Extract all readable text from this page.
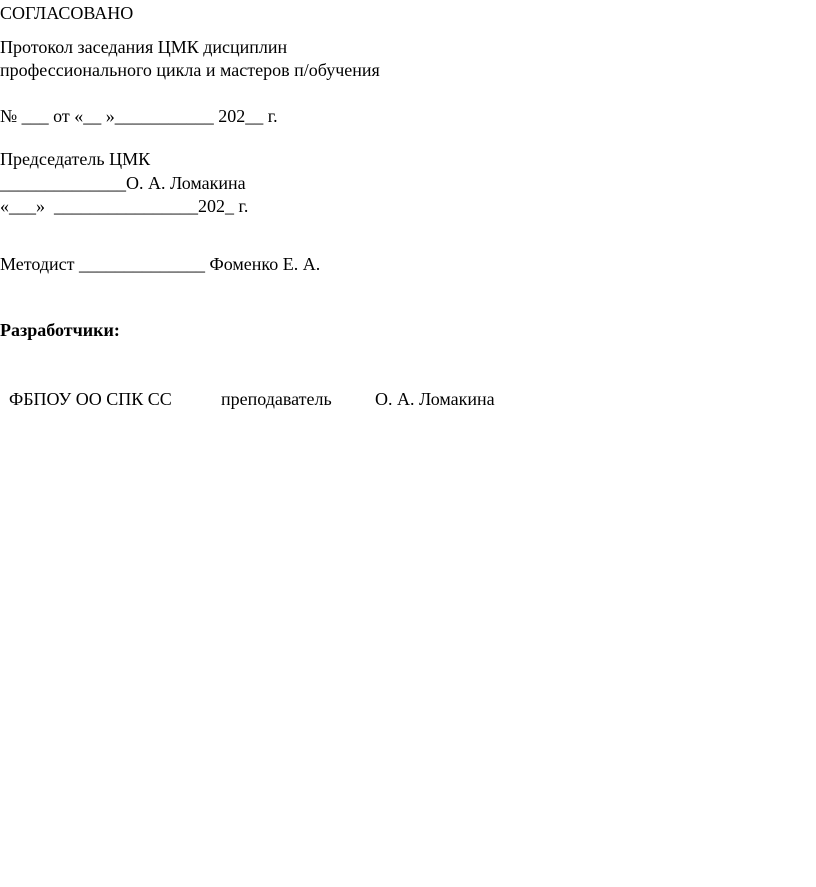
СОГЛАСОВАНО
Протокол заседания ЦМК дисциплин
профессионального цикла и мастеров п/обучения
№ ___ от «__ »___________ 202__ г.
Председатель ЦМК
______________О. А. Ломакина
«___»  ________________202_ г.
Методист ______________ Фоменко Е. А.
Разработчики:

ФБПОУ ОО СПК СС	преподаватель О. А. Ломакина
